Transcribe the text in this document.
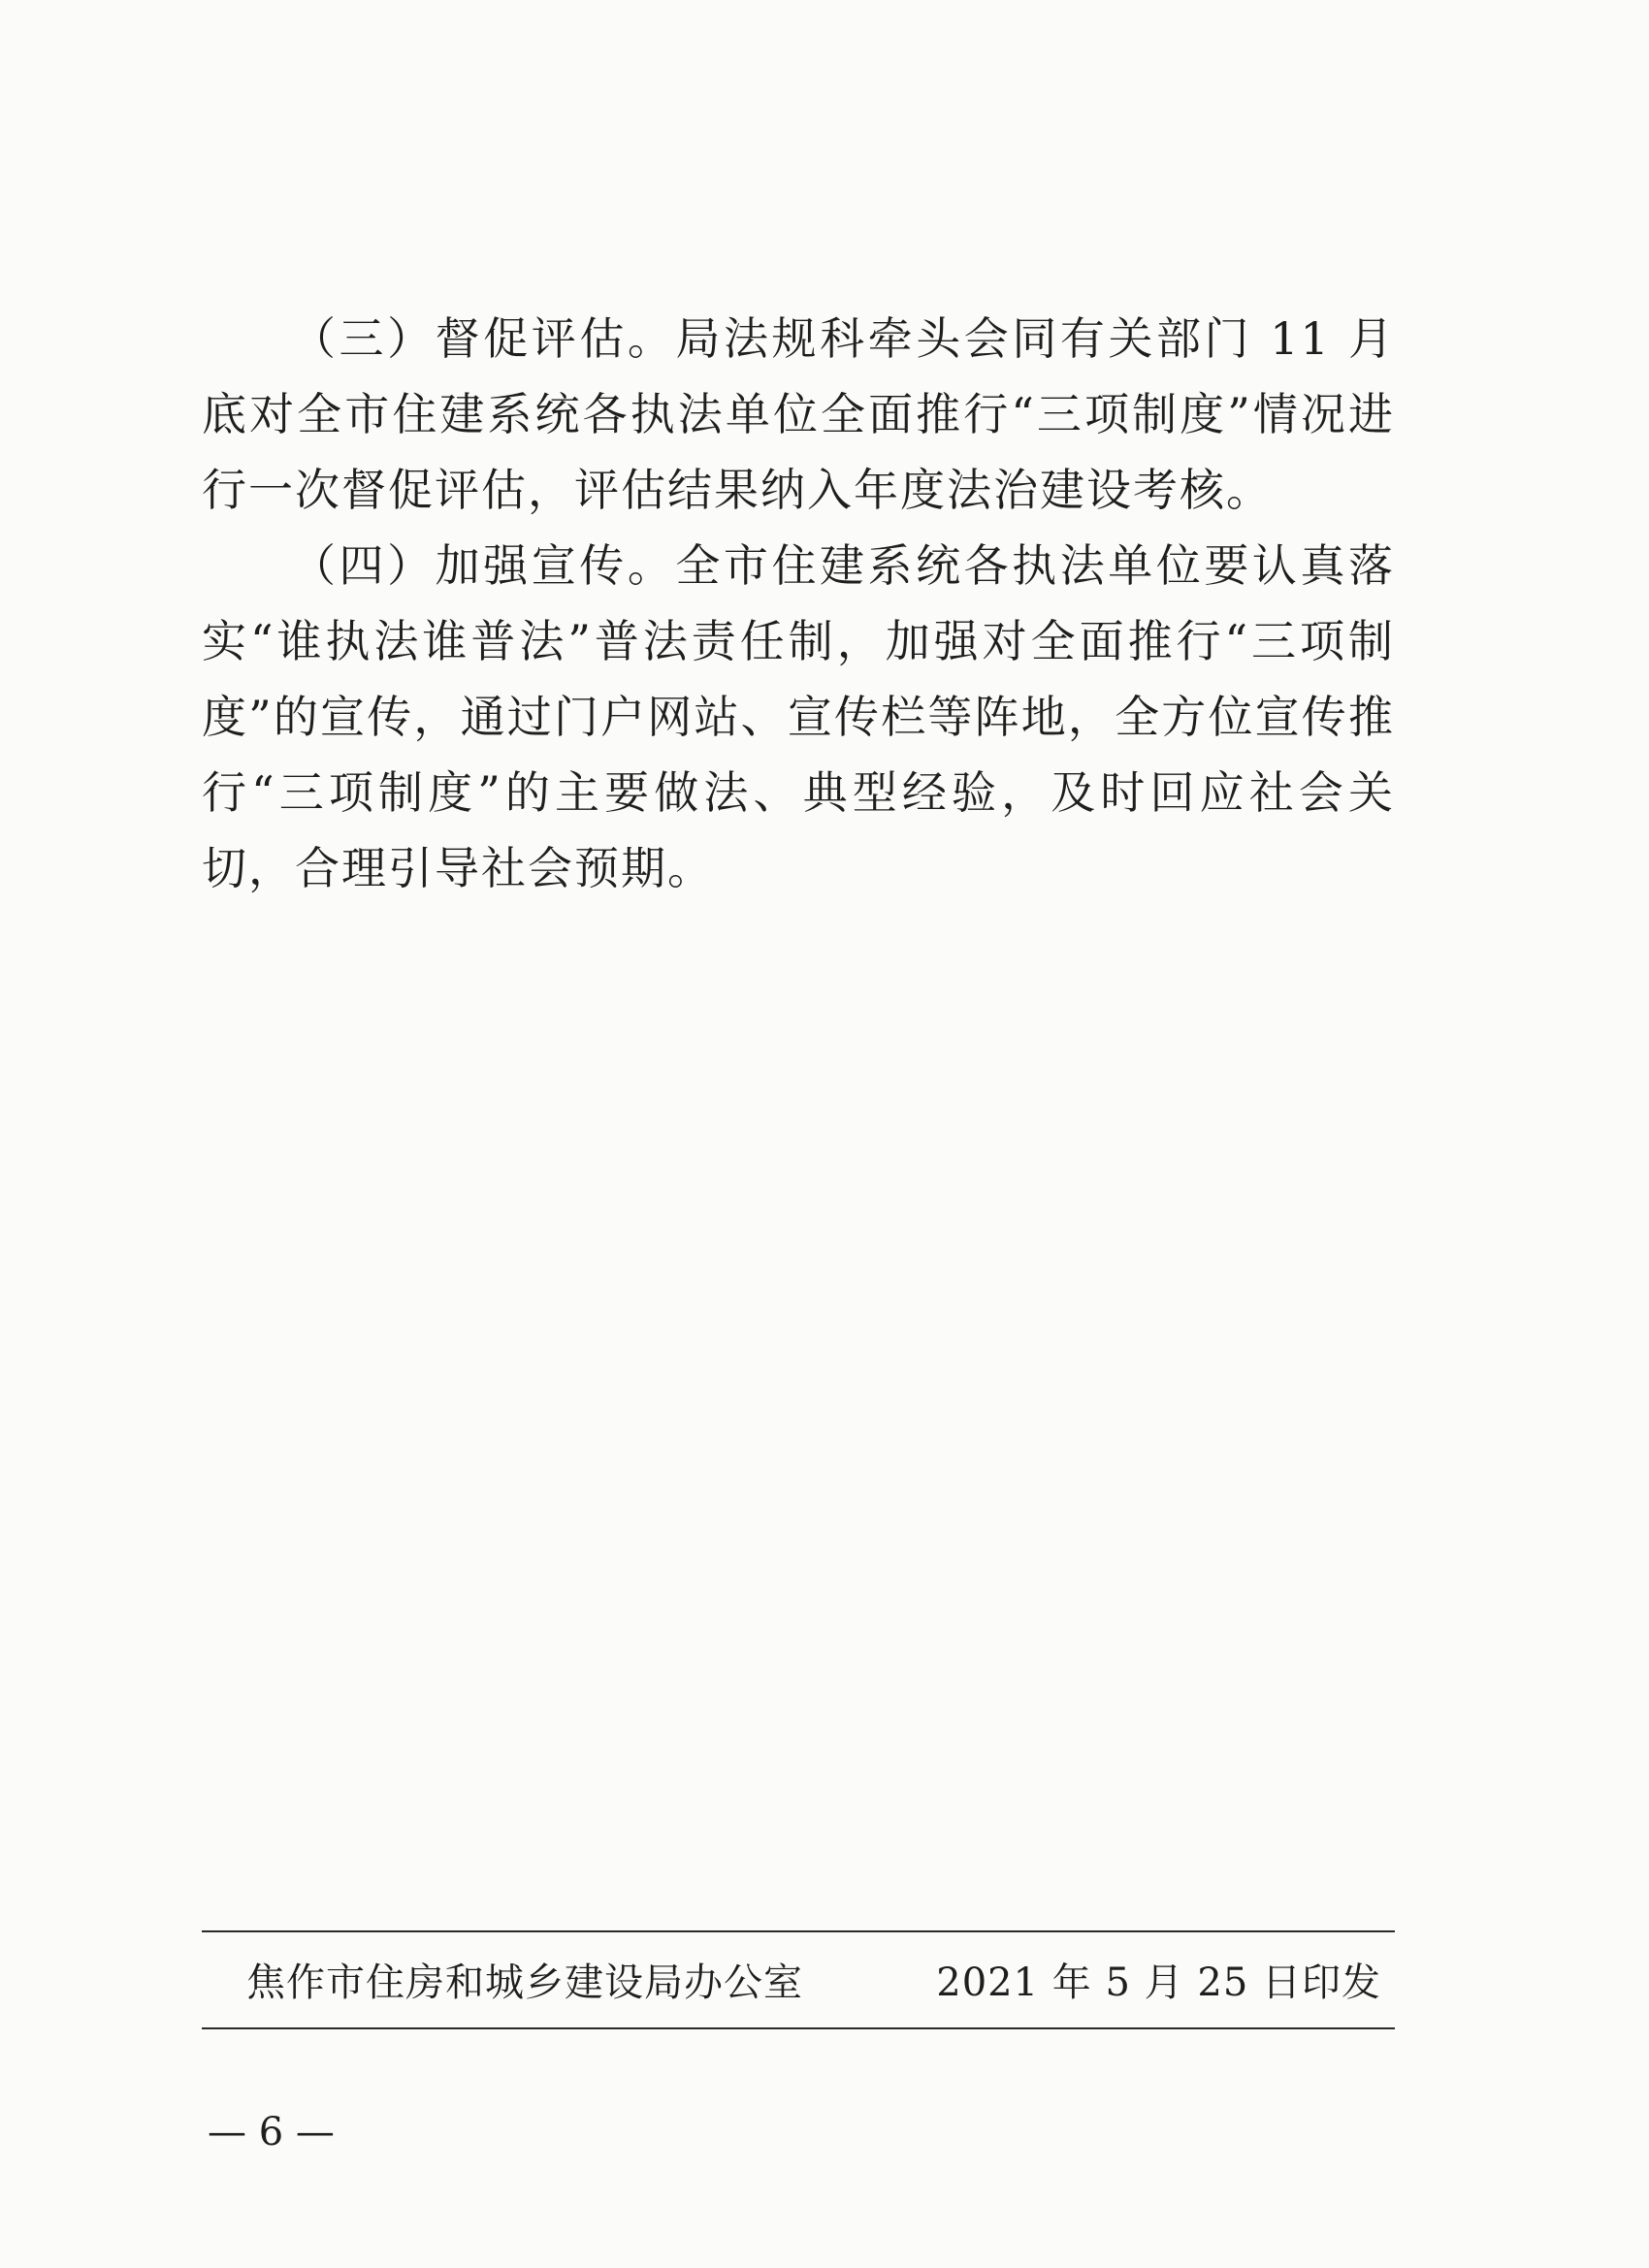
（三）督促评估。局法规科牵头会同有关部门 11 月底对全市住建系统各执法单位全面推行“三项制度”情况进行一次督促评估，评估结果纳入年度法治建设考核。

（四）加强宣传。全市住建系统各执法单位要认真落实“谁执法谁普法”普法责任制，加强对全面推行“三项制度”的宣传，通过门户网站、宣传栏等阵地，全方位宣传推行“三项制度”的主要做法、典型经验，及时回应社会关切，合理引导社会预期。

焦作市住房和城乡建设局办公室	2021 年 5 月 25 日印发
— 6 —
